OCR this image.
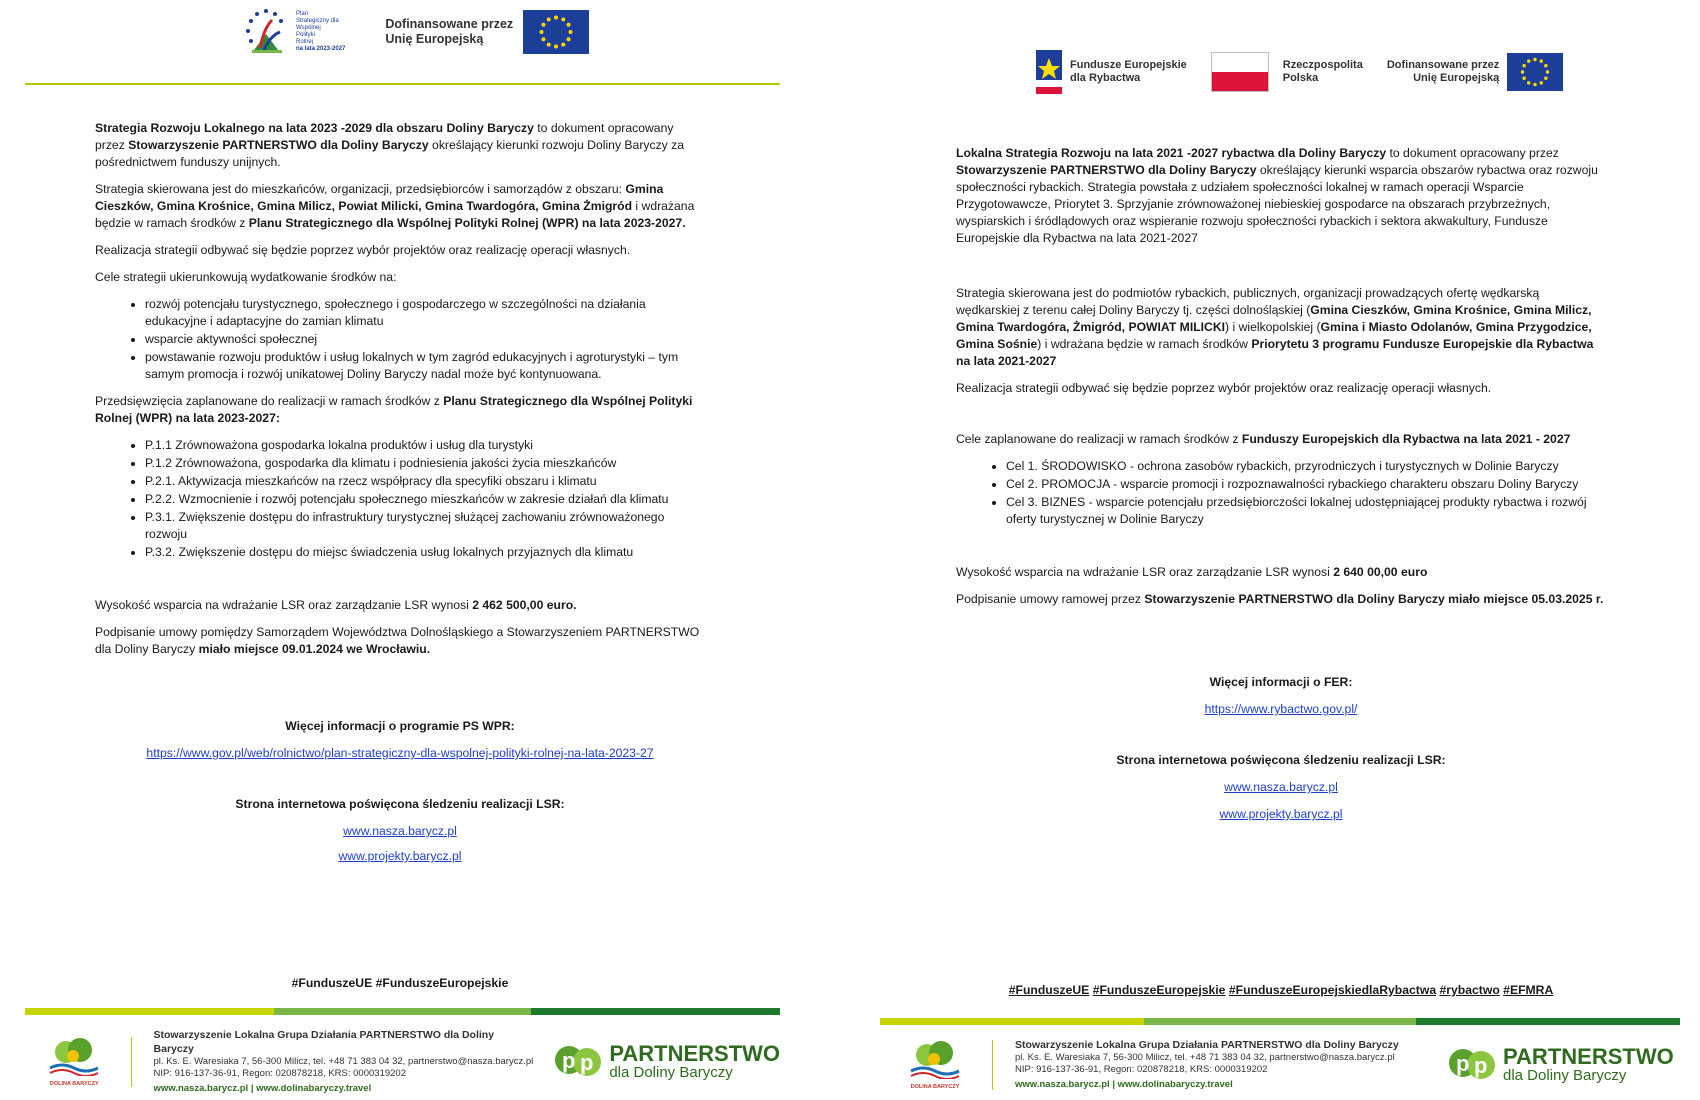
Plan
Strategiczny dla
Wspólnej
Polityki
Rolnej
na lata 2023-2027
Dofinansowane przez
Unię Europejską

Strategia Rozwoju Lokalnego na lata 2023 -2029 dla obszaru Doliny Baryczy to dokument opracowany przez Stowarzyszenie PARTNERSTWO dla Doliny Baryczy określający kierunki rozwoju Doliny Baryczy za pośrednictwem funduszy unijnych.

Strategia skierowana jest do mieszkańców, organizacji, przedsiębiorców i samorządów z obszaru: Gmina Cieszków, Gmina Krośnice, Gmina Milicz, Powiat Milicki, Gmina Twardogóra, Gmina Żmigród i wdrażana będzie w ramach środków z Planu Strategicznego dla Wspólnej Polityki Rolnej (WPR) na lata 2023-2027.

Realizacja strategii odbywać się będzie poprzez wybór projektów oraz realizację operacji własnych.

Cele strategii ukierunkowują wydatkowanie środków na:

• rozwój potencjału turystycznego, społecznego i gospodarczego w szczególności na działania edukacyjne i adaptacyjne do zamian klimatu
• wsparcie aktywności społecznej
• powstawanie rozwoju produktów i usług lokalnych w tym zagród edukacyjnych i agroturystyki – tym samym promocja i rozwój unikatowej Doliny Baryczy nadal może być kontynuowana.

Przedsięwzięcia zaplanowane do realizacji w ramach środków z Planu Strategicznego dla Wspólnej Polityki Rolnej (WPR) na lata 2023-2027:

• P.1.1 Zrównoważona gospodarka lokalna produktów i usług dla turystyki
• P.1.2 Zrównoważona, gospodarka dla klimatu i podniesienia jakości życia mieszkańców
• P.2.1. Aktywizacja mieszkańców na rzecz współpracy dla specyfiki obszaru i klimatu
• P.2.2. Wzmocnienie i rozwój potencjału społecznego mieszkańców w zakresie działań dla klimatu
• P.3.1. Zwiększenie dostępu do infrastruktury turystycznej służącej zachowaniu zrównoważonego rozwoju
• P.3.2. Zwiększenie dostępu do miejsc świadczenia usług lokalnych przyjaznych dla klimatu

Wysokość wsparcia na wdrażanie LSR oraz zarządzanie LSR wynosi 2 462 500,00 euro.

Podpisanie umowy pomiędzy Samorządem Województwa Dolnośląskiego a Stowarzyszeniem PARTNERSTWO dla Doliny Baryczy miało miejsce 09.01.2024 we Wrocławiu.

Więcej informacji o programie PS WPR:

https://www.gov.pl/web/rolnictwo/plan-strategiczny-dla-wspolnej-polityki-rolnej-na-lata-2023-27

Strona internetowa poświęcona śledzeniu realizacji LSR:

www.nasza.barycz.pl

www.projekty.barycz.pl

#FunduszeUE #FunduszeEuropejskie
DOLINA BARYCZY
Stowarzyszenie Lokalna Grupa Działania PARTNERSTWO dla Doliny Baryczy
pl. Ks. E. Waresiaka 7, 56-300 Milicz, tel. +48 71 383 04 32, partnerstwo@nasza.barycz.pl
NIP: 916-137-36-91, Regon: 020878218, KRS: 0000319202
www.nasza.barycz.pl | www.dolinabaryczy.travel
p p PARTNERSTWO
dla Doliny Baryczy
Fundusze Europejskie
dla Rybactwa
Rzeczpospolita
Polska
Dofinansowane przez
Unię Europejską

Lokalna Strategia Rozwoju na lata 2021 -2027 rybactwa dla Doliny Baryczy to dokument opracowany przez Stowarzyszenie PARTNERSTWO dla Doliny Baryczy określający kierunki wsparcia obszarów rybactwa oraz rozwoju społeczności rybackich. Strategia powstała z udziałem społeczności lokalnej w ramach operacji Wsparcie Przygotowawcze, Priorytet 3. Sprzyjanie zrównoważonej niebieskiej gospodarce na obszarach przybrzeżnych, wyspiarskich i śródlądowych oraz wspieranie rozwoju społeczności rybackich i sektora akwakultury, Fundusze Europejskie dla Rybactwa na lata 2021-2027

Strategia skierowana jest do podmiotów rybackich, publicznych, organizacji prowadzących ofertę wędkarską wędkarskiej z terenu całej Doliny Baryczy tj. części dolnośląskiej (Gmina Cieszków, Gmina Krośnice, Gmina Milicz, Gmina Twardogóra, Żmigród, POWIAT MILICKI) i wielkopolskiej (Gmina i Miasto Odolanów, Gmina Przygodzice, Gmina Sośnie) i wdrażana będzie w ramach środków Priorytetu 3 programu Fundusze Europejskie dla Rybactwa na lata 2021-2027

Realizacja strategii odbywać się będzie poprzez wybór projektów oraz realizację operacji własnych.

Cele zaplanowane do realizacji w ramach środków z Funduszy Europejskich dla Rybactwa na lata 2021 - 2027

• Cel 1. ŚRODOWISKO - ochrona zasobów rybackich, przyrodniczych i turystycznych w Dolinie Baryczy
• Cel 2. PROMOCJA - wsparcie promocji i rozpoznawalności rybackiego charakteru obszaru Doliny Baryczy
• Cel 3. BIZNES - wsparcie potencjału przedsiębiorczości lokalnej udostępniającej produkty rybactwa i rozwój oferty turystycznej w Dolinie Baryczy

Wysokość wsparcia na wdrażanie LSR oraz zarządzanie LSR wynosi 2 640 00,00 euro

Podpisanie umowy ramowej przez Stowarzyszenie PARTNERSTWO dla Doliny Baryczy miało miejsce 05.03.2025 r.

Więcej informacji o FER:

https://www.rybactwo.gov.pl/

Strona internetowa poświęcona śledzeniu realizacji LSR:

www.nasza.barycz.pl

www.projekty.barycz.pl

#FunduszeUE #FunduszeEuropejskie #FunduszeEuropejskiedlaRybactwa #rybactwo #EFMRA
DOLINA BARYCZY
Stowarzyszenie Lokalna Grupa Działania PARTNERSTWO dla Doliny Baryczy
pl. Ks. E. Waresiaka 7, 56-300 Milicz, tel. +48 71 383 04 32, partnerstwo@nasza.barycz.pl
NIP: 916-137-36-91, Regon: 020878218, KRS: 0000319202
www.nasza.barycz.pl | www.dolinabaryczy.travel
p p PARTNERSTWO
dla Doliny Baryczy
